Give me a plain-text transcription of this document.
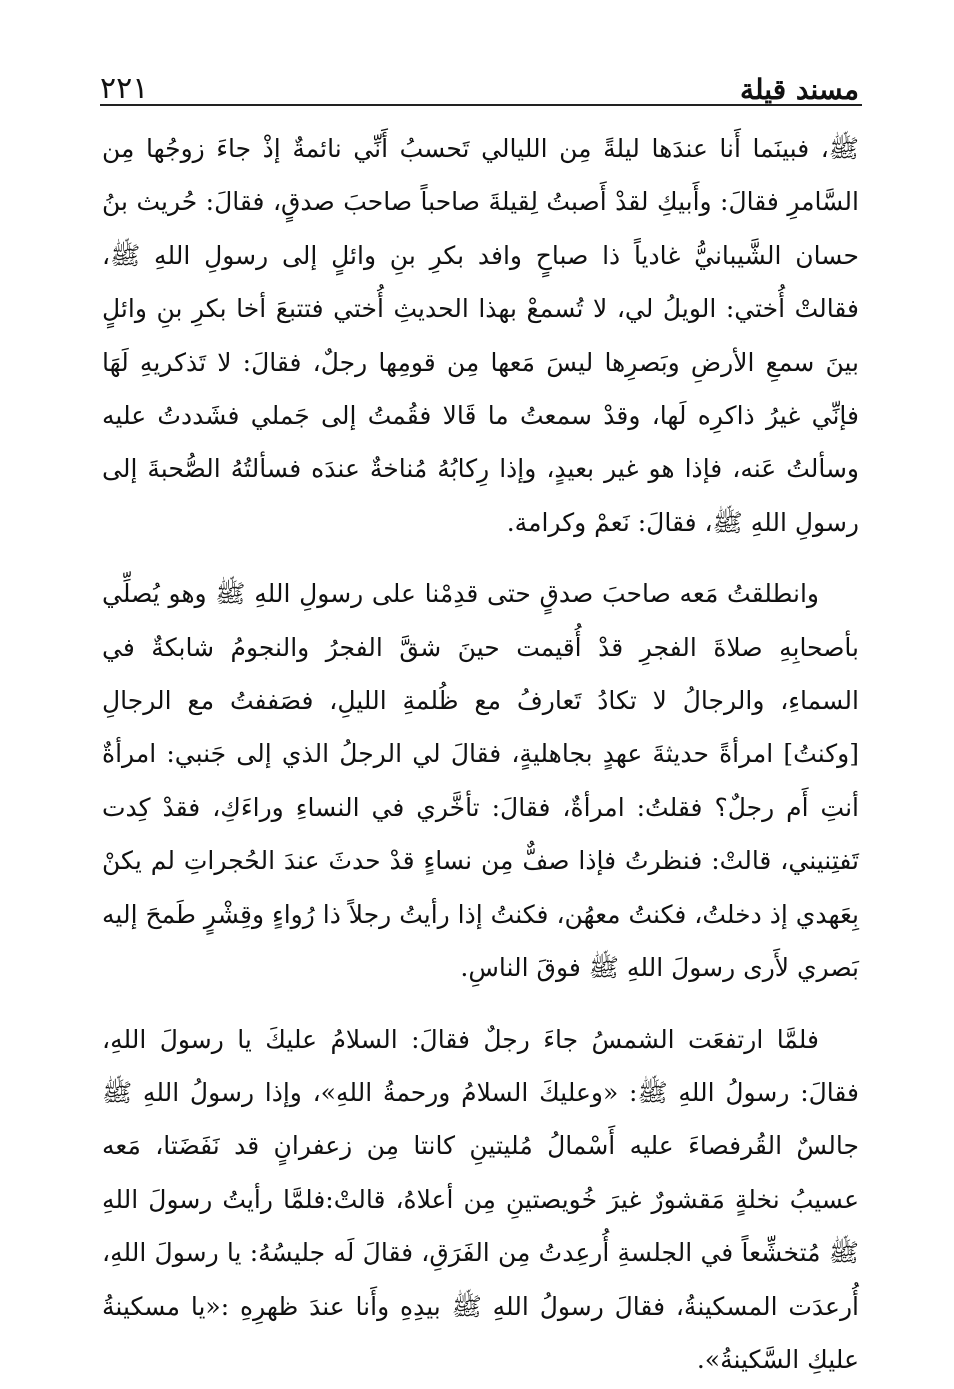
مسند قيلة
٢٢١

ﷺ، فبينَما أَنا عندَها ليلةً مِن الليالي تَحسبُ أَنِّي نائمةٌ إذْ جاءَ زوجُها مِن السَّامرِ فقالَ: وأَبيكِ لقدْ أَصبتُ لِقيلةَ صاحباً صاحبَ صدقٍ، فقالَ: حُريث بنُ حسان الشَّيبانيُّ غادياً ذا صباحٍ وافد بكرِ بنِ وائلٍ إلى رسولِ اللهِ ﷺ، فقالتْ أُختي: الويلُ لي، لا تُسمعْ بهذا الحديثِ أُختي فتتبعَ أخا بكرِ بنِ وائلٍ بينَ سمعِ الأرضِ وبَصرِها ليسَ مَعها مِن قومِها رجلٌ، فقالَ: لا تَذكريهِ لَهَا فإنِّي غيرُ ذاكرِه لَها، وقدْ سمعتُ ما قَالا فقُمتُ إلى جَملي فشَددتُ عليه وسألتُ عَنه، فإذا هو غير بعيدٍ، وإذا رِكابُهُ مُناخةٌ عندَه فسألتُهُ الصُّحبةَ إلى رسولِ اللهِ ﷺ، فقالَ: نَعمْ وكرامة.

وانطلقتُ مَعه صاحبَ صدقٍ حتى قدِمْنا على رسولِ اللهِ ﷺ وهو يُصلِّي بأصحابِهِ صلاةَ الفجرِ قدْ أُقيمت حينَ شقَّ الفجرُ والنجومُ شابكةٌ في السماءِ، والرجالُ لا تكادُ تَعارفُ مع ظُلمةِ الليلِ، فصَففتُ مع الرجالِ [وكنتُ] امرأةً حديثةَ عهدٍ بجاهليةٍ، فقالَ لي الرجلُ الذي إلى جَنبي: امرأةٌ أنتِ أَم رجلٌ؟ فقلتُ: امرأةٌ، فقالَ: تأخَّري في النساءِ وراءَكِ، فقدْ كِدت تَفتِنيني، قالتْ: فنظرتُ فإذا صفٌّ مِن نساءٍ قدْ حدثَ عندَ الحُجراتِ لم يكنْ بِعَهدي إذ دخلتُ، فكنتُ معهُن، فكنتُ إذا رأيتُ رجلاً ذا رُواءٍ وقِشْرٍ طَمحَ إليه بَصري لأَرى رسولَ اللهِ ﷺ فوقَ الناسِ.

فلمَّا ارتفعَت الشمسُ جاءَ رجلٌ فقالَ: السلامُ عليكَ يا رسولَ اللهِ، فقالَ: رسولُ اللهِ ﷺ: «وعليكَ السلامُ ورحمةُ اللهِ»، وإذا رسولُ اللهِ ﷺ جالسٌ القُرفصاءَ عليه أَسْمالُ مُليتينِ كانتا مِن زعفرانٍ قد نَفَضَتا، مَعه عسيبُ نخلةٍ مَقشورٌ غيرَ خُويصتينِ مِن أعلاهُ، قالتْ:فلمَّا رأيتُ رسولَ اللهِ ﷺ مُتخشِّعاً في الجلسةِ أُرعِدتُ مِن الفَرَقِ، فقالَ لَه جليسُهُ: يا رسولَ اللهِ، أُرعدَت المسكينةُ، فقالَ رسولُ اللهِ ﷺ بيدِهِ وأَنا عندَ ظهرِهِ :«يا مسكينةُ عليكِ السَّكينةُ».
